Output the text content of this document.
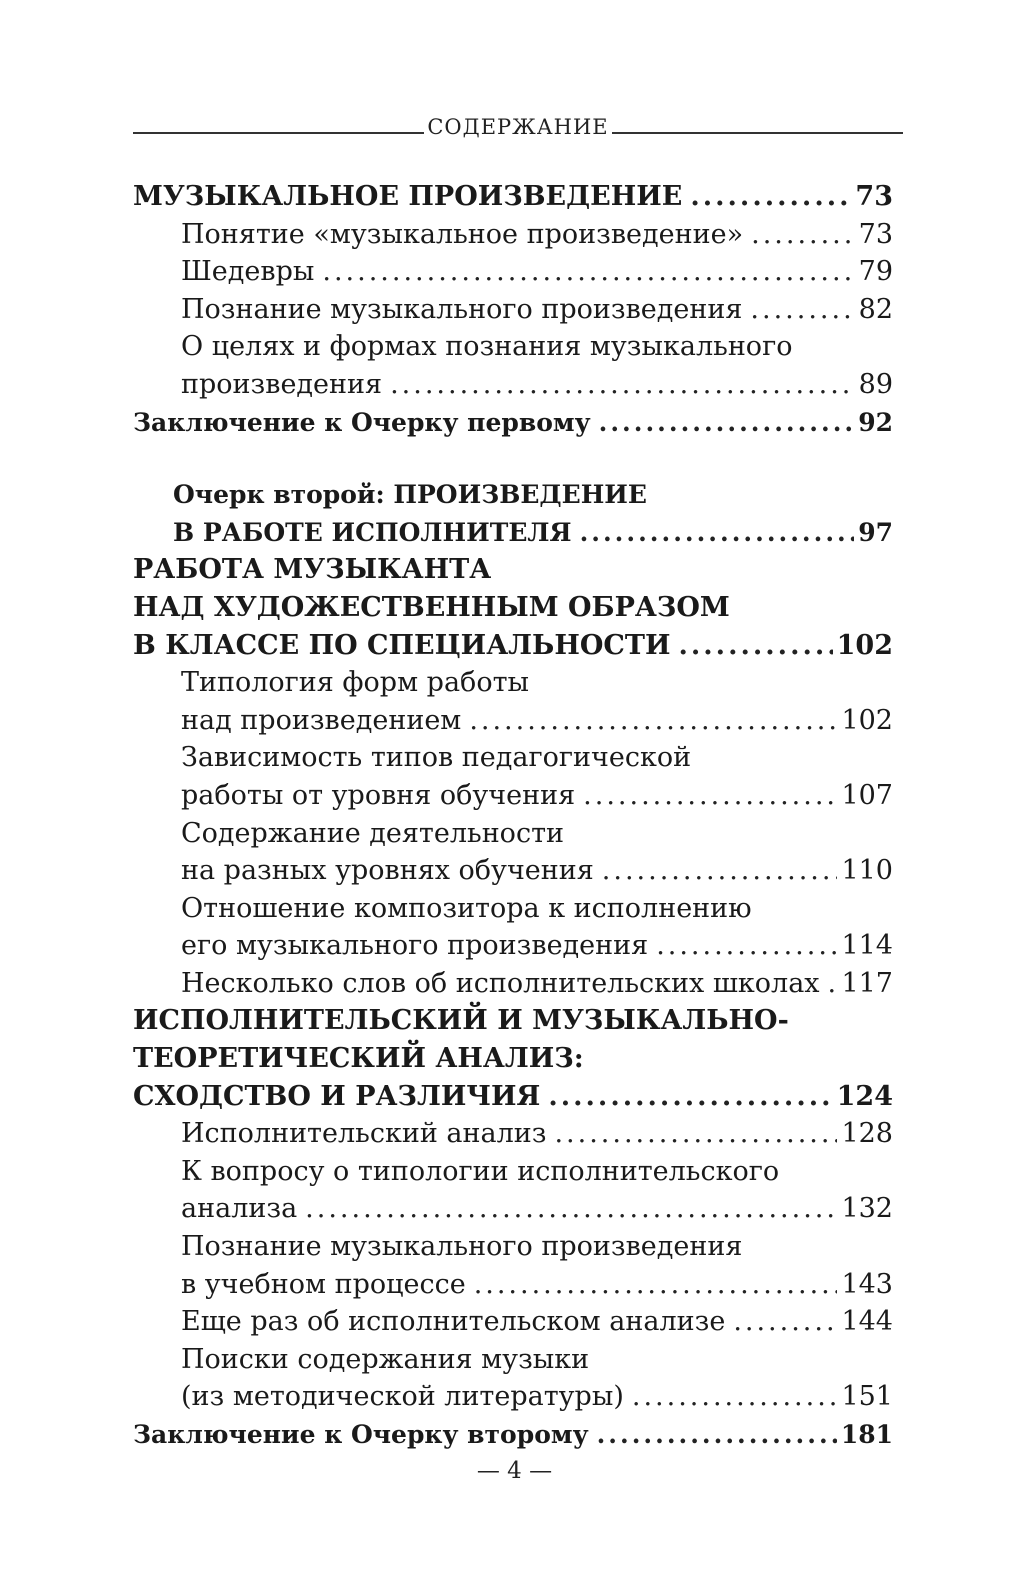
СОДЕРЖАНИЕ
МУЗЫКАЛЬНОЕ ПРОИЗВЕДЕНИЕ .....	73
Понятие «музыкальное произведение» .....	73
Шедевры .....	79
Познание музыкального произведения .....	82
О целях и формах познания музыкального
произведения .....	89
Заключение к Очерку первому .....	92
Очерк второй: ПРОИЗВЕДЕНИЕ
В РАБОТЕ ИСПОЛНИТЕЛЯ .....	97
РАБОТА МУЗЫКАНТА
НАД ХУДОЖЕСТВЕННЫМ ОБРАЗОМ
В КЛАССЕ ПО СПЕЦИАЛЬНОСТИ .....	102
Типология форм работы
над произведением .....	102
Зависимость типов педагогической
работы от уровня обучения .....	107
Содержание деятельности
на разных уровнях обучения .....	110
Отношение композитора к исполнению
его музыкального произведения .....	114
Несколько слов об исполнительских школах ..... 117
ИСПОЛНИТЕЛЬСКИЙ И МУЗЫКАЛЬНО-
ТЕОРЕТИЧЕСКИЙ АНАЛИЗ:
СХОДСТВО И РАЗЛИЧИЯ .....	124
Исполнительский анализ .....	128
К вопросу о типологии исполнительского
анализа .....	132
Познание музыкального произведения
в учебном процессе .....	143
Еще раз об исполнительском анализе .....	144
Поиски содержания музыки
(из методической литературы) .....	151
Заключение к Очерку второму .....	181
— 4 —
